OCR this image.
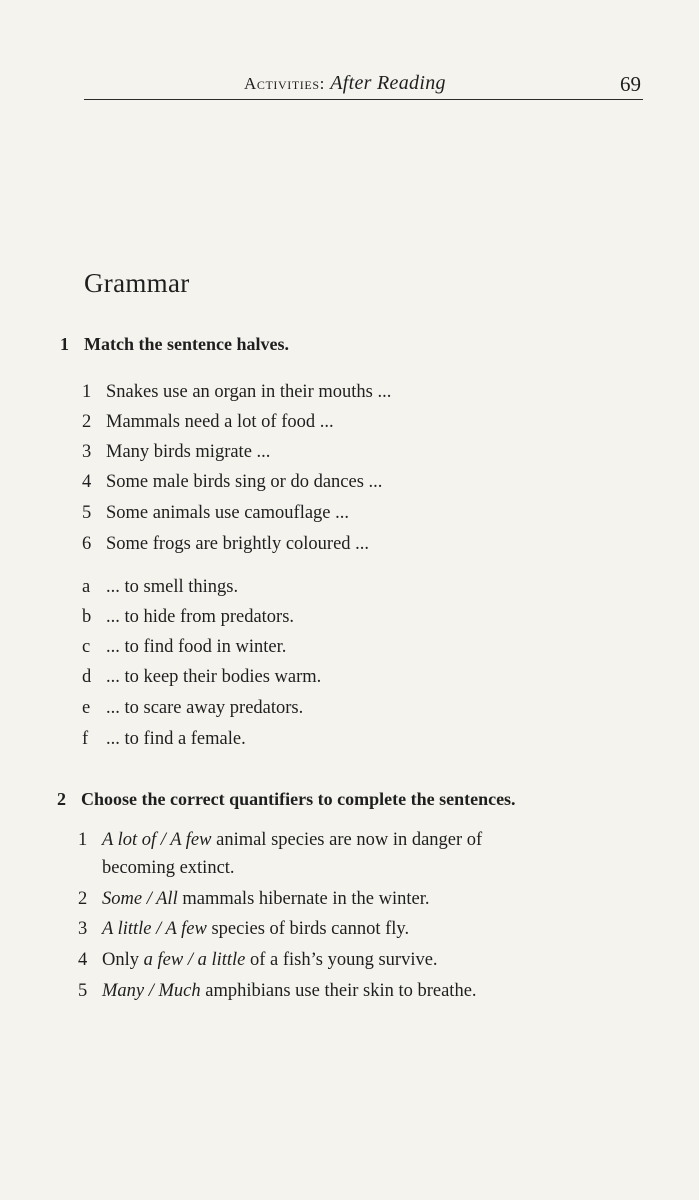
Activities: After Reading	69
Grammar
1 Match the sentence halves.
1 Snakes use an organ in their mouths ...
2 Mammals need a lot of food ...
3 Many birds migrate ...
4 Some male birds sing or do dances ...
5 Some animals use camouflage ...
6 Some frogs are brightly coloured ...
a ... to smell things.
b ... to hide from predators.
c ... to find food in winter.
d ... to keep their bodies warm.
e ... to scare away predators.
f ... to find a female.
2 Choose the correct quantifiers to complete the sentences.
1 A lot of / A few animal species are now in danger of
becoming extinct.
2 Some / All mammals hibernate in the winter.
3 A little / A few species of birds cannot fly.
4 Only a few / a little of a fish’s young survive.
5 Many / Much amphibians use their skin to breathe.
